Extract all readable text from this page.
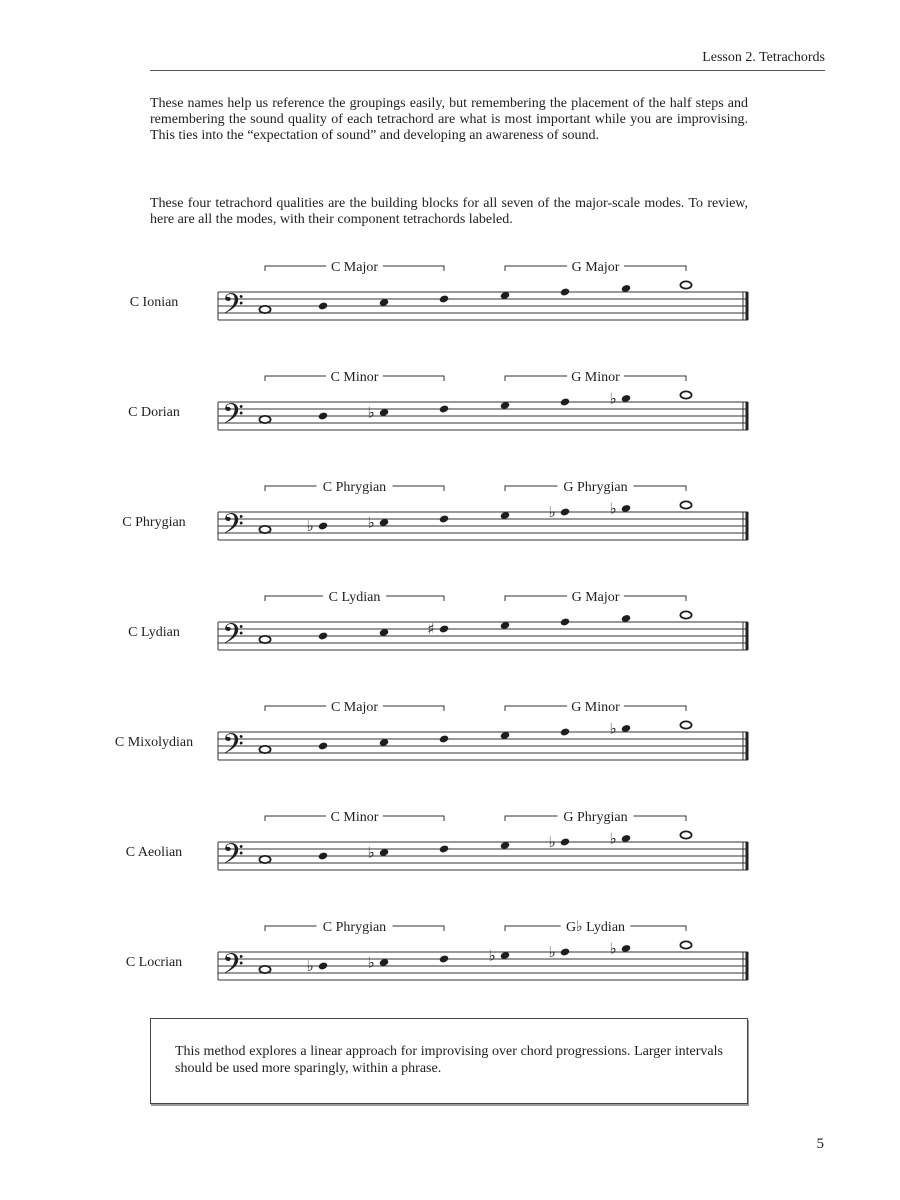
Lesson 2. Tetrachords

These names help us reference the groupings easily, but remembering the placement of the half steps and remembering the sound quality of each tetrachord are what is most important while you are improvising. This ties into the “expectation of sound” and developing an awareness of sound.

These four tetrachord qualities are the building blocks for all seven of the major-scale modes. To review, here are all the modes, with their component tetrachords labeled.

C Major	G Major
C Ionian 𝄢
C Minor	G Minor
C Dorian 𝄢	♭
♭
C Phrygian	G Phrygian
C Phrygian 𝄢	♭	♭
♭	♭
C Lydian	G Major
C Lydian 𝄢	♯
C Major	G Minor
C Mixolydian 𝄢	♭
C Minor	G Phrygian
C Aeolian 𝄢	♭
♭	♭
C Phrygian	G♭ Lydian
C Locrian 𝄢	♭	♭	♭	♭	♭
This method explores a linear approach for improvising over chord progressions. Larger intervals should be used more sparingly, within a phrase.
5
